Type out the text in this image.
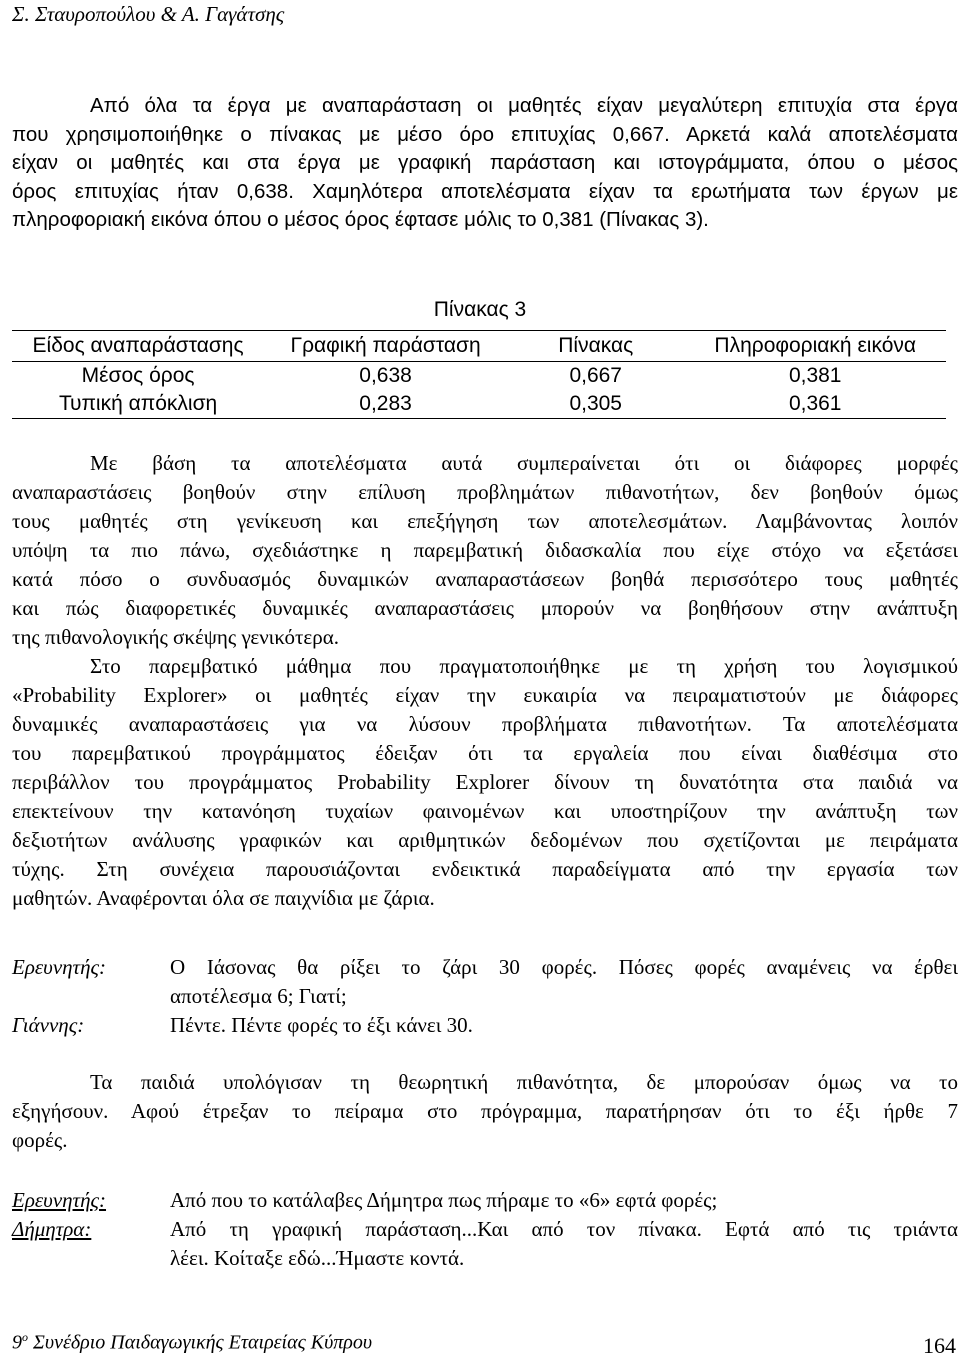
Σ. Σταυροπούλου & Α. Γαγάτσης
Από όλα τα έργα με αναπαράσταση οι μαθητές είχαν μεγαλύτερη επιτυχία στα έργα
που χρησιμοποιήθηκε ο πίνακας με μέσο όρο επιτυχίας 0,667. Αρκετά καλά αποτελέσματα
είχαν οι μαθητές και στα έργα με γραφική παράσταση και ιστογράμματα, όπου ο μέσος
όρος επιτυχίας ήταν 0,638. Χαμηλότερα αποτελέσματα είχαν τα ερωτήματα των έργων με
πληροφοριακή εικόνα όπου ο μέσος όρος έφτασε μόλις το 0,381 (Πίνακας 3).
Πίνακας 3
Είδος αναπαράστασης	Γραφική παράσταση	Πίνακας	Πληροφοριακή εικόνα
Μέσος όρος	0,638	0,667	0,381
Τυπική απόκλιση	0,283	0,305	0,361
Με βάση τα αποτελέσματα αυτά συμπεραίνεται ότι οι διάφορες μορφές
αναπαραστάσεις βοηθούν στην επίλυση προβλημάτων πιθανοτήτων, δεν βοηθούν όμως
τους μαθητές στη γενίκευση και επεξήγηση των αποτελεσμάτων. Λαμβάνοντας λοιπόν
υπόψη τα πιο πάνω, σχεδιάστηκε η παρεμβατική διδασκαλία που είχε στόχο να εξετάσει
κατά πόσο ο συνδυασμός δυναμικών αναπαραστάσεων βοηθά περισσότερο τους μαθητές
και πώς διαφορετικές δυναμικές αναπαραστάσεις μπορούν να βοηθήσουν στην ανάπτυξη
της πιθανολογικής σκέψης γενικότερα.
Στο παρεμβατικό μάθημα που πραγματοποιήθηκε με τη χρήση του λογισμικού
«Probability Explorer» οι μαθητές είχαν την ευκαιρία να πειραματιστούν με διάφορες
δυναμικές αναπαραστάσεις για να λύσουν προβλήματα πιθανοτήτων. Τα αποτελέσματα
του παρεμβατικού προγράμματος έδειξαν ότι τα εργαλεία που είναι διαθέσιμα στο
περιβάλλον του προγράμματος Probability Explorer δίνουν τη δυνατότητα στα παιδιά να
επεκτείνουν την κατανόηση τυχαίων φαινομένων και υποστηρίζουν την ανάπτυξη των
δεξιοτήτων ανάλυσης γραφικών και αριθμητικών δεδομένων που σχετίζονται με πειράματα
τύχης. Στη συνέχεια παρουσιάζονται ενδεικτικά παραδείγματα από την εργασία των
μαθητών. Αναφέρονται όλα σε παιχνίδια με ζάρια.
Ερευνητής:	Ο Ιάσονας θα ρίξει το ζάρι 30 φορές. Πόσες φορές αναμένεις να έρθει
αποτέλεσμα 6; Γιατί;
Γιάννης:	Πέντε. Πέντε φορές το έξι κάνει 30.
Τα παιδιά υπολόγισαν τη θεωρητική πιθανότητα, δε μπορούσαν όμως να το
εξηγήσουν. Αφού έτρεξαν το πείραμα στο πρόγραμμα, παρατήρησαν ότι το έξι ήρθε 7
φορές.
Ερευνητής:	Από που το κατάλαβες Δήμητρα πως πήραμε το «6» εφτά φορές;
Δήμητρα:	Από τη γραφική παράσταση...Και από τον πίνακα. Εφτά από τις τριάντα
λέει. Κοίταξε εδώ...Ήμαστε κοντά.
$9^o$ Συνέδριο Παιδαγωγικής Εταιρείας Κύπρου	164
